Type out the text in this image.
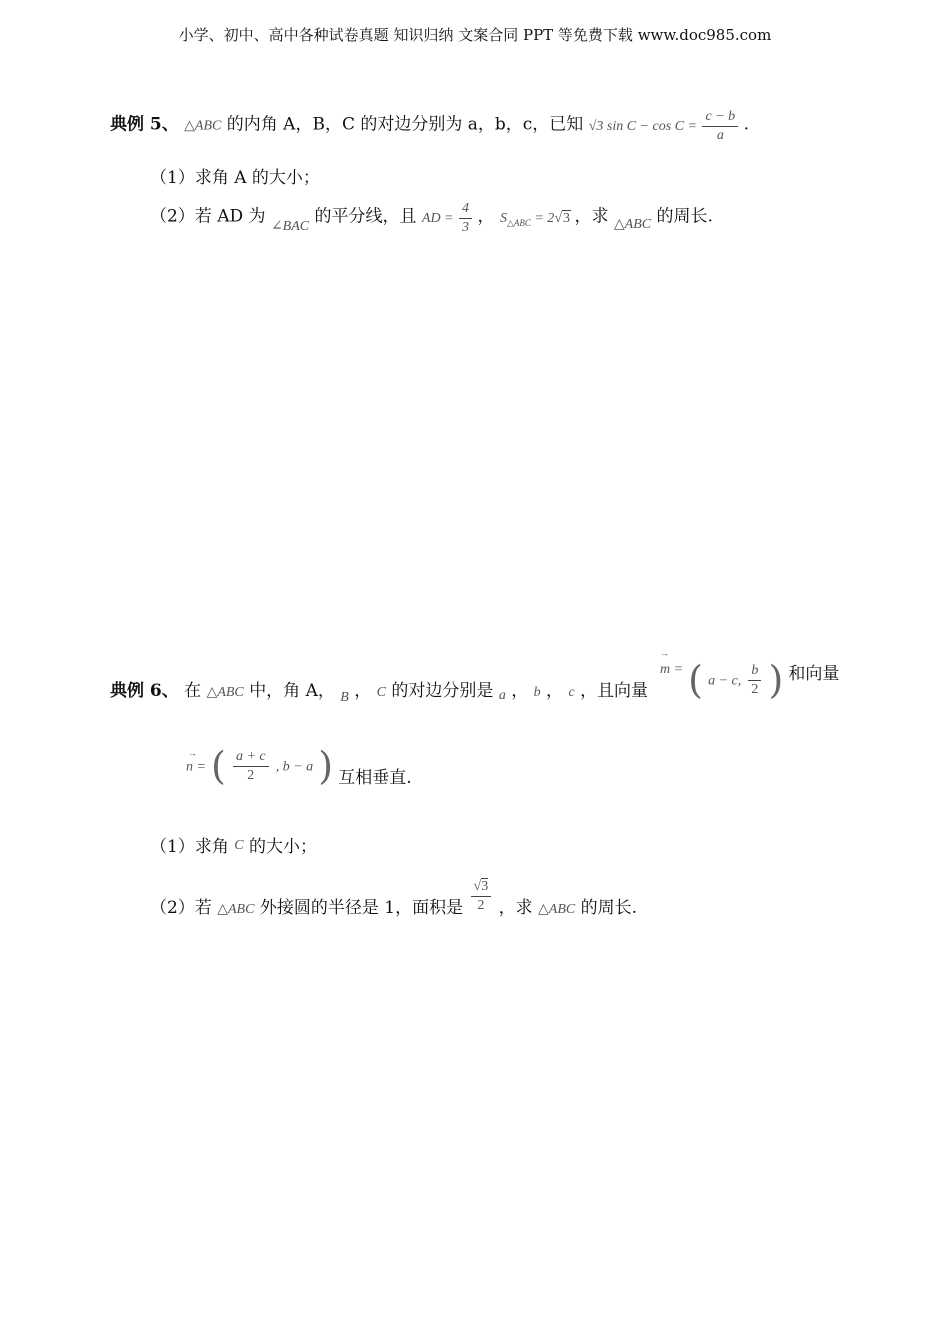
小学、初中、高中各种试卷真题 知识归纳 文案合同 PPT 等免费下载 www.doc985.com
典例 5、 △ABC 的内角 A，B，C 的对边分别为 a，b，c，已知 √3 $\sin C - \cos C = \frac{c - b}{a}$ .
（1）求角 A 的大小；
（2）若 AD 为 $_{\angle BAC}$ 的平分线，且 AD = $\frac{4}{3}$ ， $S_{\triangle ABC} = 2√3$ ，求 $_{\triangle ABC}$ 的周长.
典例 6、 在 △ABC 中，角 A， $_B$ ， C 的对边分别是 a ， b ， c ，且向量
→
m = ( a − c, $\frac{b}{2}$ ) 和向量
→
n = ( $\frac{a + c}{2}$ , b − a ) 互相垂直.
（1）求角 C 的大小；
（2）若 $_{\triangle ABC}$ 外接圆的半径是 1，面积是 $\frac{√3}{2}$ ，求 $_{\triangle ABC}$ 的周长.
